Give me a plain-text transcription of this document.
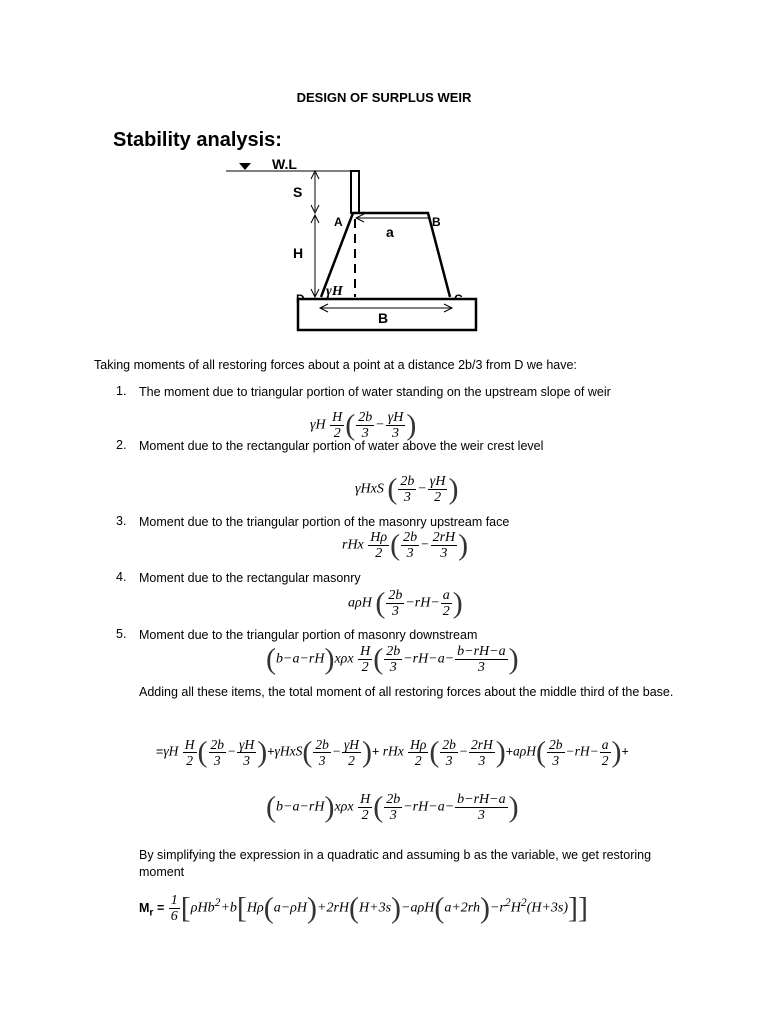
DESIGN OF SURPLUS WEIR
Stability analysis:
W.L
S
H
a
A	B
γH
B
Taking moments of all restoring forces about a point at a distance 2b/3 from D we have:
1. The moment due to triangular portion of water standing on the upstream slope of weir
γH $\frac{H}{2}$ ( $\frac{2b}{3} - \frac{\gamma H}{3}$ )
2. Moment due to the rectangular portion of water above the weir crest level
γHxS ( $\frac{2b}{3} - \frac{\gamma H}{2}$ )
3. Moment due to the triangular portion of the masonry upstream face
rHx $\frac{H\rho}{2}$ ( $\frac{2b}{3} - \frac{2rH}{3}$ )
4. Moment due to the rectangular masonry
aρH ( $\frac{2b}{3} -rH- \frac{a}{2}$ )
5. Moment due to the triangular portion of masonry downstream
$(b-a-rH)x\rho x \frac{H}{2}$ ( $\frac{2b}{3} -rH-a- \frac{b-rH-a}{3}$ )
Adding all these items, the total moment of all restoring forces about the middle third of the base.
$=\gamma H \frac{H}{2}$ ( $\frac{2b}{3} - \frac{\gamma H}{3} )+\gamma HxS( \frac{2b}{3} - \frac{\gamma H}{2}$ )+ rHx $\frac{H\rho}{2}$ ( $\frac{2b}{3} - \frac{2rH}{3} )+a\rho H( \frac{2b}{3} -rH- \frac{a}{2}$ )+
$(b-a-rH)x\rho x \frac{H}{2}$ ( $\frac{2b}{3} -rH-a- \frac{b-rH-a}{3}$ )
By simplifying the expression in a quadratic and assuming b as the variable, we get restoring moment
$M_r = \frac{1}{6} [\rho Hb^2+b[H\rho(a-\rho H)+2rH(H+3s)-a\rho H(a+2rh)-r^2H^2(H+3s)]]$
